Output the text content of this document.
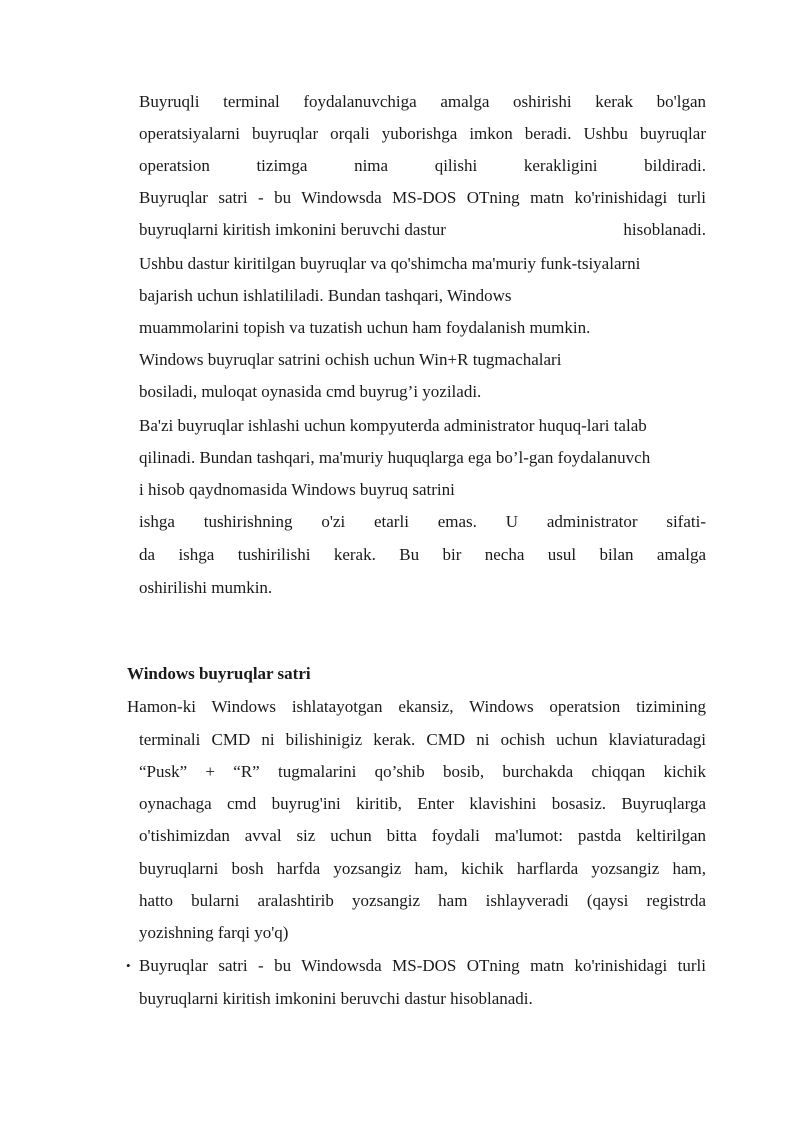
Buyruqli terminal foydalanuvchiga amalga oshirishi kerak bo'lgan
operatsiyalarni buyruqlar orqali yuborishga imkon beradi. Ushbu buyruqlar
operatsion tizimga nima qilishi kerakligini bildiradi.
Buyruqlar satri - bu Windowsda MS-DOS OTning matn ko'rinishidagi turli
buyruqlarni kiritish imkonini beruvchi dastur	hisoblanadi.
Ushbu dastur kiritilgan buyruqlar va qo'shimcha ma'muriy funk-tsiyalarni
bajarish uchun ishlatililadi. Bundan tashqari, Windows
muammolarini topish va tuzatish uchun ham foydalanish mumkin.
Windows buyruqlar satrini ochish uchun Win+R tugmachalari
bosiladi, muloqat oynasida cmd buyrug’i yoziladi.
Ba'zi buyruqlar ishlashi uchun kompyuterda administrator huquq-lari talab
qilinadi. Bundan tashqari, ma'muriy huquqlarga ega bo’l-gan foydalanuvch
i hisob qaydnomasida Windows buyruq satrini
ishga tushirishning o'zi etarli emas. U administrator sifati-
da ishga tushirilishi kerak. Bu bir necha usul bilan amalga
oshirilishi mumkin.
Windows buyruqlar satri
Hamon-ki Windows ishlatayotgan ekansiz, Windows operatsion tizimining
terminali CMD ni bilishinigiz kerak. CMD ni ochish uchun klaviaturadagi
“Pusk” + “R” tugmalarini qo’shib bosib, burchakda chiqqan kichik
oynachaga cmd buyrug'ini kiritib, Enter klavishini bosasiz. Buyruqlarga
o'tishimizdan avval siz uchun bitta foydali ma'lumot: pastda keltirilgan
buyruqlarni bosh harfda yozsangiz ham, kichik harflarda yozsangiz ham,
hatto bularni aralashtirib yozsangiz ham ishlayveradi (qaysi registrda
yozishning farqi yo'q)
• Buyruqlar satri - bu Windowsda MS-DOS OTning matn ko'rinishidagi turli
buyruqlarni kiritish imkonini beruvchi dastur hisoblanadi.
